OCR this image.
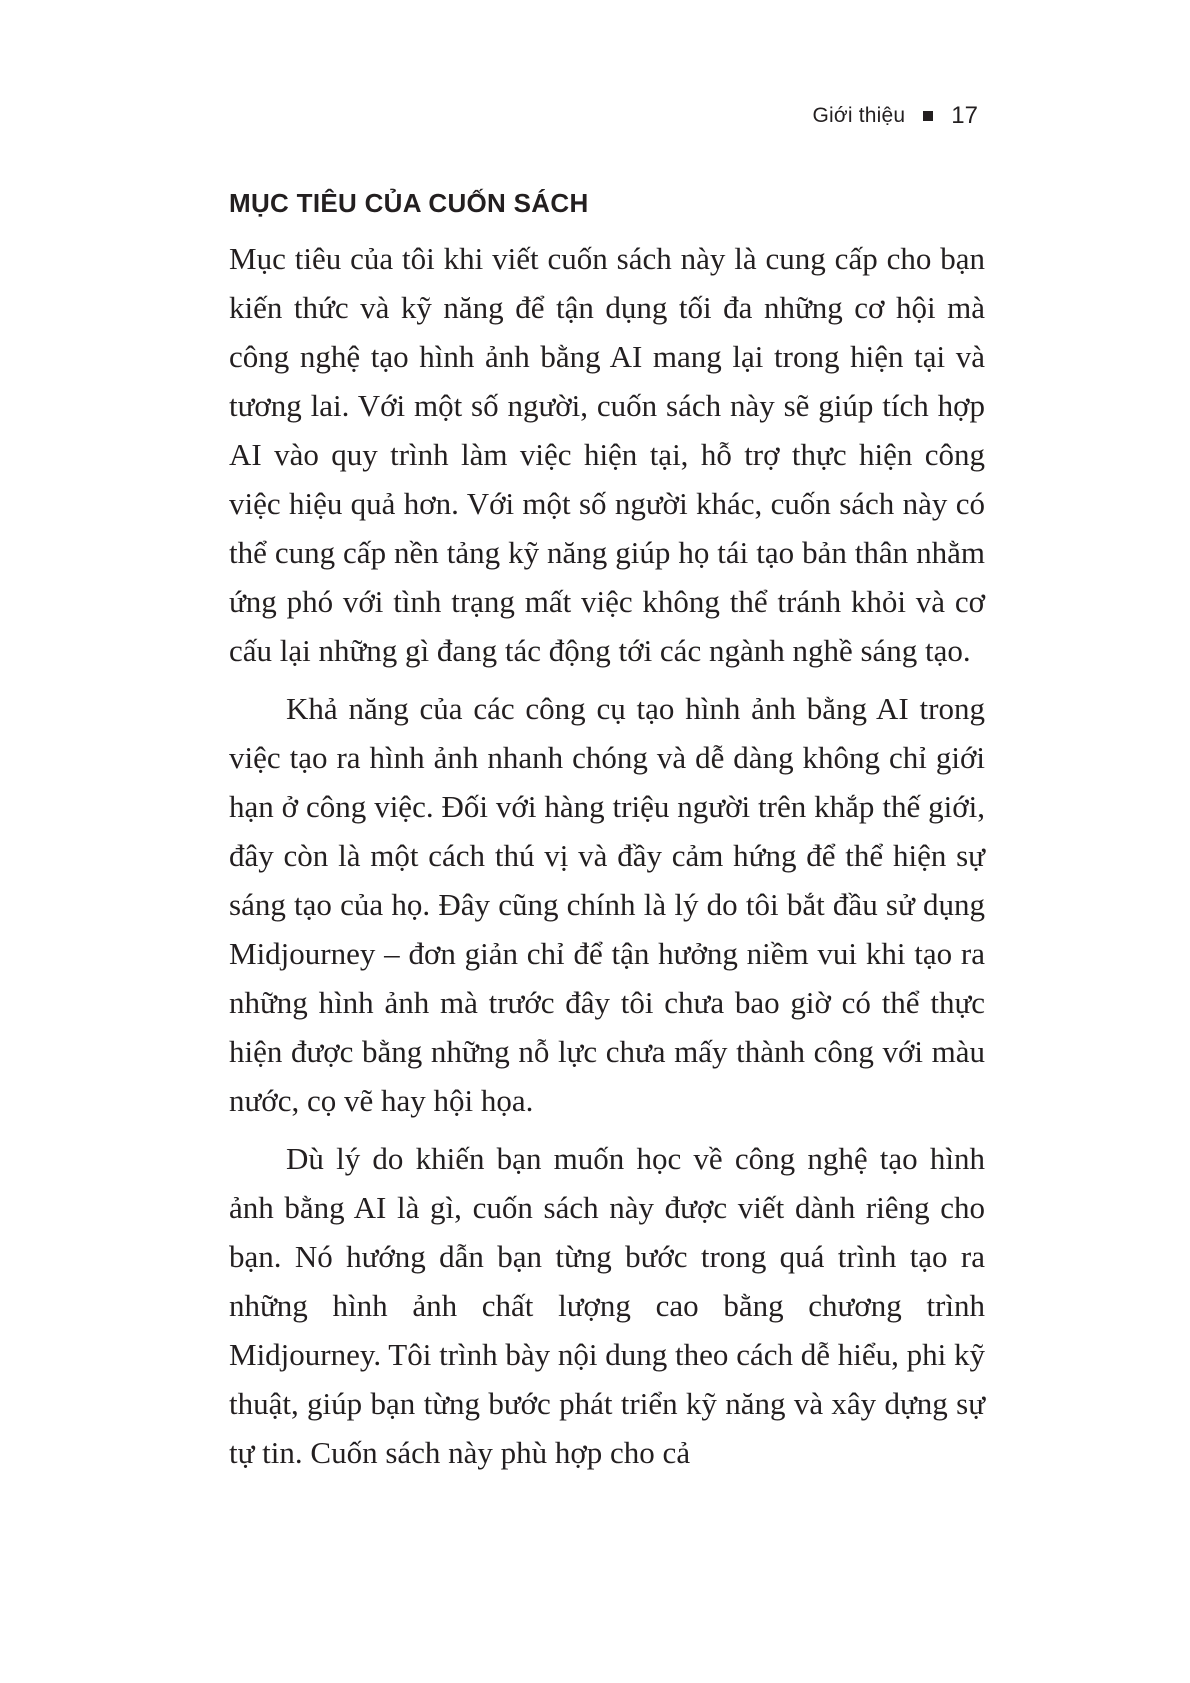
Giới thiệu 17
MỤC TIÊU CỦA CUỐN SÁCH

Mục tiêu của tôi khi viết cuốn sách này là cung cấp cho bạn kiến thức và kỹ năng để tận dụng tối đa những cơ hội mà công nghệ tạo hình ảnh bằng AI mang lại trong hiện tại và tương lai. Với một số người, cuốn sách này sẽ giúp tích hợp AI vào quy trình làm việc hiện tại, hỗ trợ thực hiện công việc hiệu quả hơn. Với một số người khác, cuốn sách này có thể cung cấp nền tảng kỹ năng giúp họ tái tạo bản thân nhằm ứng phó với tình trạng mất việc không thể tránh khỏi và cơ cấu lại những gì đang tác động tới các ngành nghề sáng tạo.

Khả năng của các công cụ tạo hình ảnh bằng AI trong việc tạo ra hình ảnh nhanh chóng và dễ dàng không chỉ giới hạn ở công việc. Đối với hàng triệu người trên khắp thế giới, đây còn là một cách thú vị và đầy cảm hứng để thể hiện sự sáng tạo của họ. Đây cũng chính là lý do tôi bắt đầu sử dụng Midjourney – đơn giản chỉ để tận hưởng niềm vui khi tạo ra những hình ảnh mà trước đây tôi chưa bao giờ có thể thực hiện được bằng những nỗ lực chưa mấy thành công với màu nước, cọ vẽ hay hội họa.

Dù lý do khiến bạn muốn học về công nghệ tạo hình ảnh bằng AI là gì, cuốn sách này được viết dành riêng cho bạn. Nó hướng dẫn bạn từng bước trong quá trình tạo ra những hình ảnh chất lượng cao bằng chương trình Midjourney. Tôi trình bày nội dung theo cách dễ hiểu, phi kỹ thuật, giúp bạn từng bước phát triển kỹ năng và xây dựng sự tự tin. Cuốn sách này phù hợp cho cả
